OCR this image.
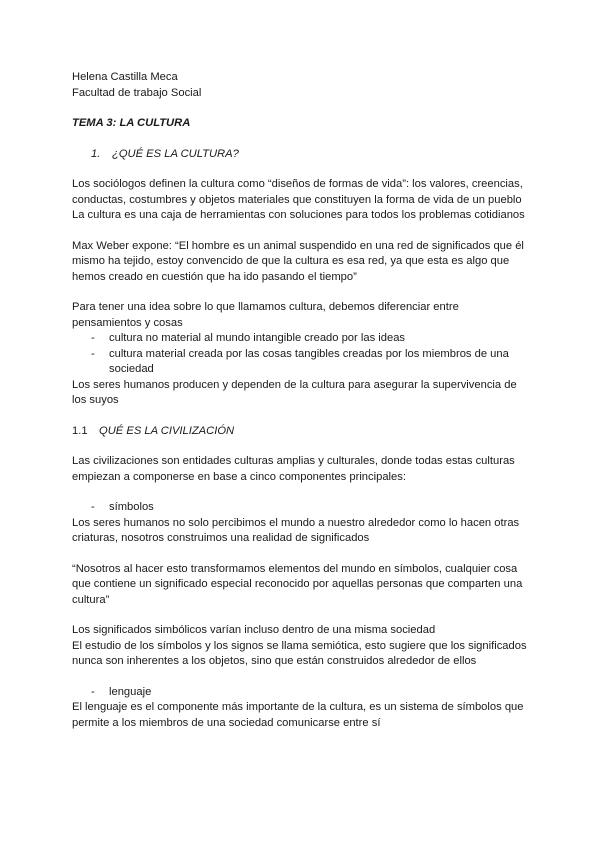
Helena Castilla Meca

Facultad de trabajo Social

TEMA 3: LA CULTURA

1. ¿QUÉ ES LA CULTURA?

Los sociólogos definen la cultura como “diseños de formas de vida”: los valores, creencias,

conductas, costumbres y objetos materiales que constituyen la forma de vida de un pueblo

La cultura es una caja de herramientas con soluciones para todos los problemas cotidianos

Max Weber expone: “El hombre es un animal suspendido en una red de significados que él

mismo ha tejido, estoy convencido de que la cultura es esa red, ya que esta es algo que

hemos creado en cuestión que ha ido pasando el tiempo”

Para tener una idea sobre lo que llamamos cultura, debemos diferenciar entre

pensamientos y cosas

- cultura no material al mundo intangible creado por las ideas
- cultura material creada por las cosas tangibles creadas por los miembros de una sociedad

Los seres humanos producen y dependen de la cultura para asegurar la supervivencia de

los suyos

1.1 QUÉ ES LA CIVILIZACIÓN

Las civilizaciones son entidades culturas amplias y culturales, donde todas estas culturas

empiezan a componerse en base a cinco componentes principales:

- símbolos

Los seres humanos no solo percibimos el mundo a nuestro alrededor como lo hacen otras

criaturas, nosotros construimos una realidad de significados

“Nosotros al hacer esto transformamos elementos del mundo en símbolos, cualquier cosa

que contiene un significado especial reconocido por aquellas personas que comparten una

cultura”

Los significados simbólicos varían incluso dentro de una misma sociedad

El estudio de los símbolos y los signos se llama semiótica, esto sugiere que los significados

nunca son inherentes a los objetos, sino que están construidos alrededor de ellos

- lenguaje

El lenguaje es el componente más importante de la cultura, es un sistema de símbolos que

permite a los miembros de una sociedad comunicarse entre sí
